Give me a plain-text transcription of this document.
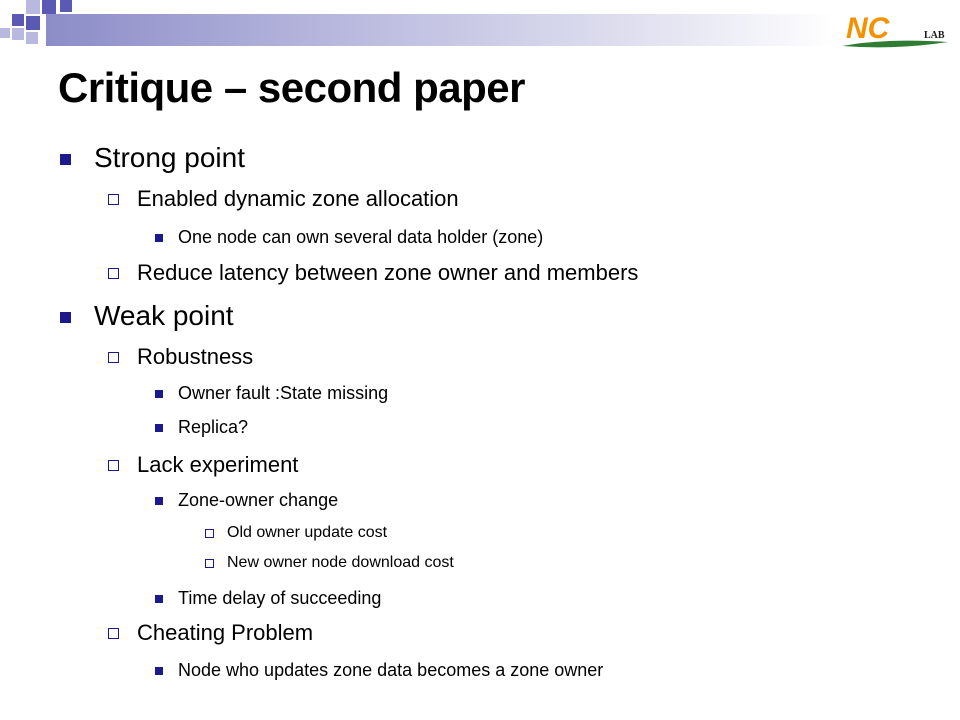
NC	LAB
Critique – second paper
Strong point
Enabled dynamic zone allocation
One node can own several data holder (zone)
Reduce latency between zone owner and members
Weak point
Robustness
Owner fault :State missing
Replica?
Lack experiment
Zone-owner change
Old owner update cost
New owner node download cost
Time delay of succeeding
Cheating Problem
Node who updates zone data becomes a zone owner
